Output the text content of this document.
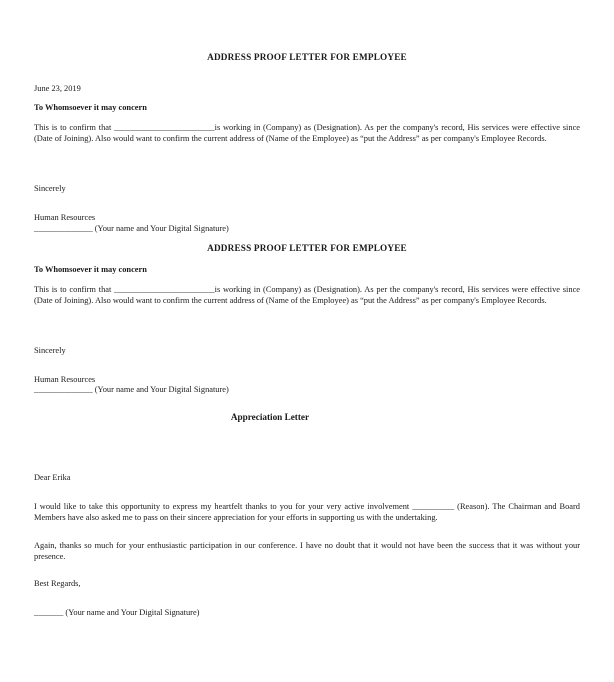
ADDRESS PROOF LETTER FOR EMPLOYEE

June 23, 2019

To Whomsoever it may concern

This is to confirm that ________________________is working in (Company) as (Designation). As per the company's record, His services were effective since (Date of Joining). Also would want to confirm the current address of (Name of the Employee) as “put the Address” as per company's Employee Records.

Sincerely

Human Resources

______________ (Your name and Your Digital Signature)

ADDRESS PROOF LETTER FOR EMPLOYEE

To Whomsoever it may concern

This is to confirm that ________________________is working in (Company) as (Designation). As per the company's record, His services were effective since (Date of Joining). Also would want to confirm the current address of (Name of the Employee) as “put the Address” as per company's Employee Records.

Sincerely

Human Resources

______________ (Your name and Your Digital Signature)

Appreciation Letter

Dear Erika

I would like to take this opportunity to express my heartfelt thanks to you for your very active involvement __________ (Reason). The Chairman and Board Members have also asked me to pass on their sincere appreciation for your efforts in supporting us with the undertaking.

Again, thanks so much for your enthusiastic participation in our conference. I have no doubt that it would not have been the success that it was without your presence.

Best Regards,

_______ (Your name and Your Digital Signature)
